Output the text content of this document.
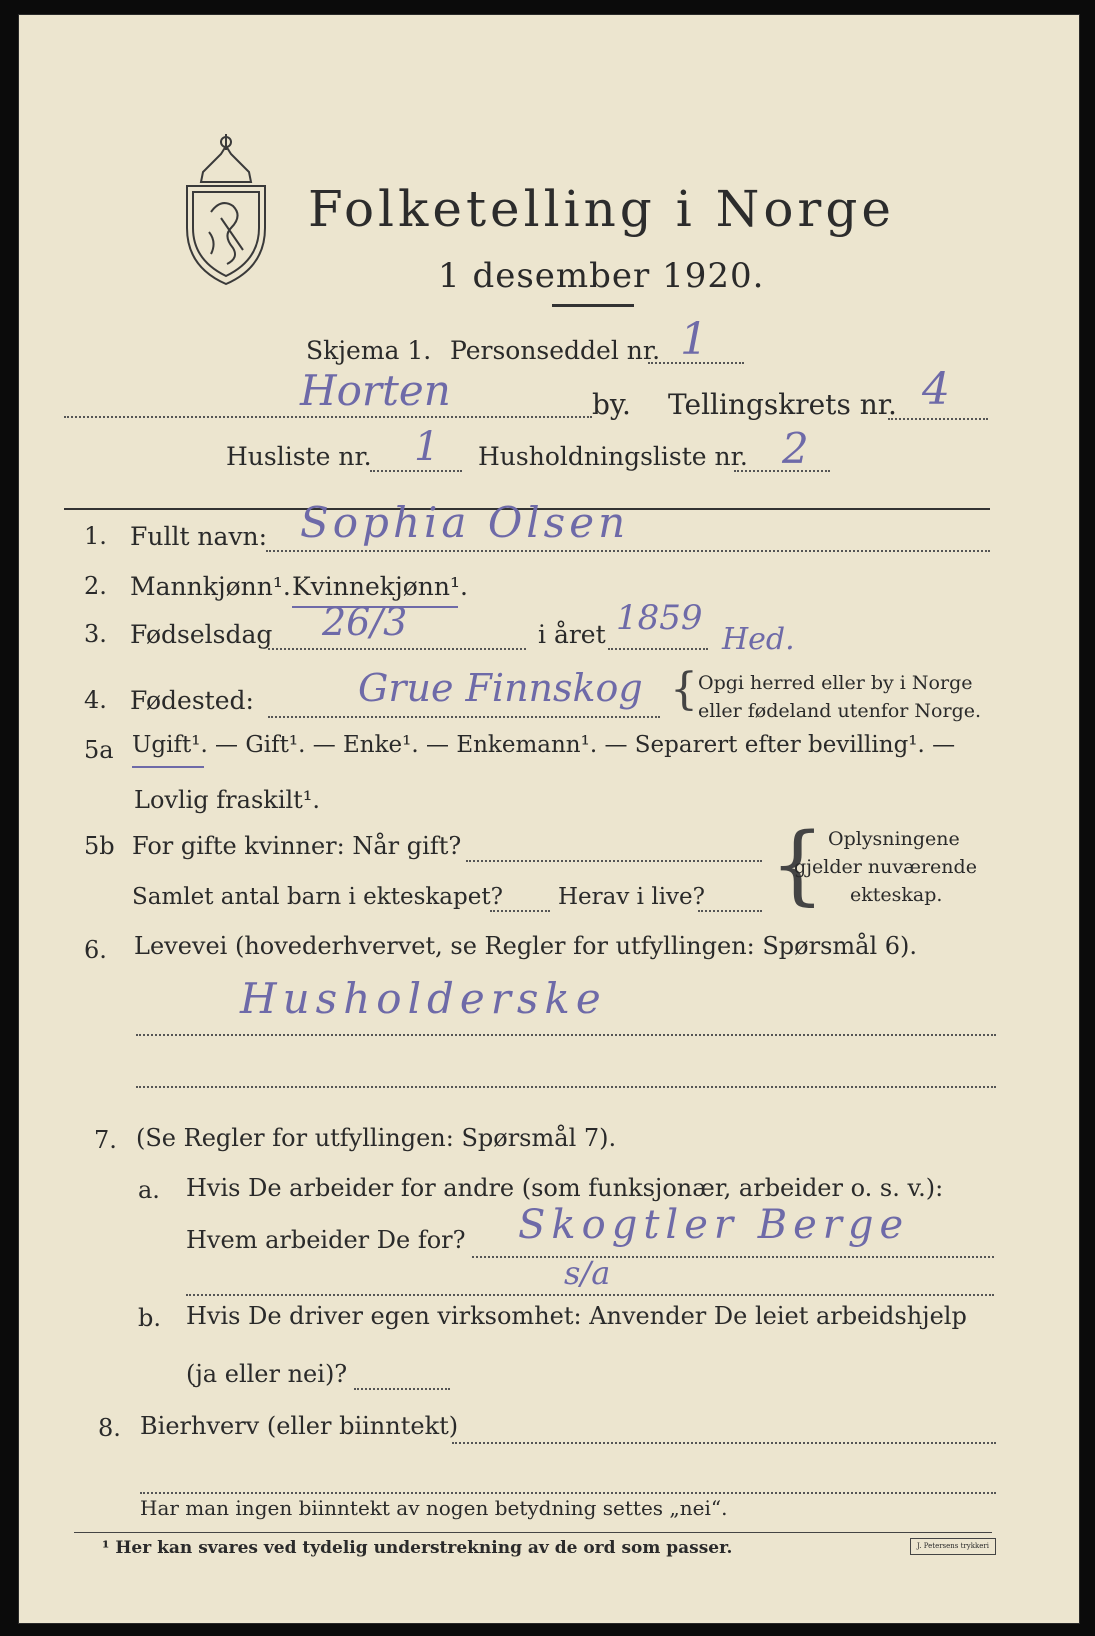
Folketelling i Norge
1 desember 1920.
Skjema 1. Personseddel nr. 1
Horten	by. Tellingskrets nr. 4
Husliste nr. 1 Husholdningsliste nr. 2
1. Fullt navn: Sophia Olsen
2. Mannkjønn¹. Kvinnekjønn¹.
3. Fødselsdag 26/3	i året 1859
Hed.
4. Fødested:	Grue Finnskog { Opgi herred eller by i Norge
eller fødeland utenfor Norge.
5a Ugift¹. — Gift¹. — Enke¹. — Enkemann¹. — Separert efter bevilling¹. —
Lovlig fraskilt¹.
5b For gifte kvinner: Når gift?
Samlet antal barn i ekteskapet? Herav i live? { Oplysningene
gjelder nuværende
ekteskap.
6. Levevei (hovederhvervet, se Regler for utfyllingen: Spørsmål 6).
Husholderske
7. (Se Regler for utfyllingen: Spørsmål 7).
a. Hvis De arbeider for andre (som funksjonær, arbeider o. s. v.):
Hvem arbeider De for? Skogtler Berge
s/a
b. Hvis De driver egen virksomhet: Anvender De leiet arbeidshjelp
(ja eller nei)?
8. Bierhverv (eller biinntekt)
Har man ingen biinntekt av nogen betydning settes „nei“.
¹ Her kan svares ved tydelig understrekning av de ord som passer.	J. Petersens trykkeri
